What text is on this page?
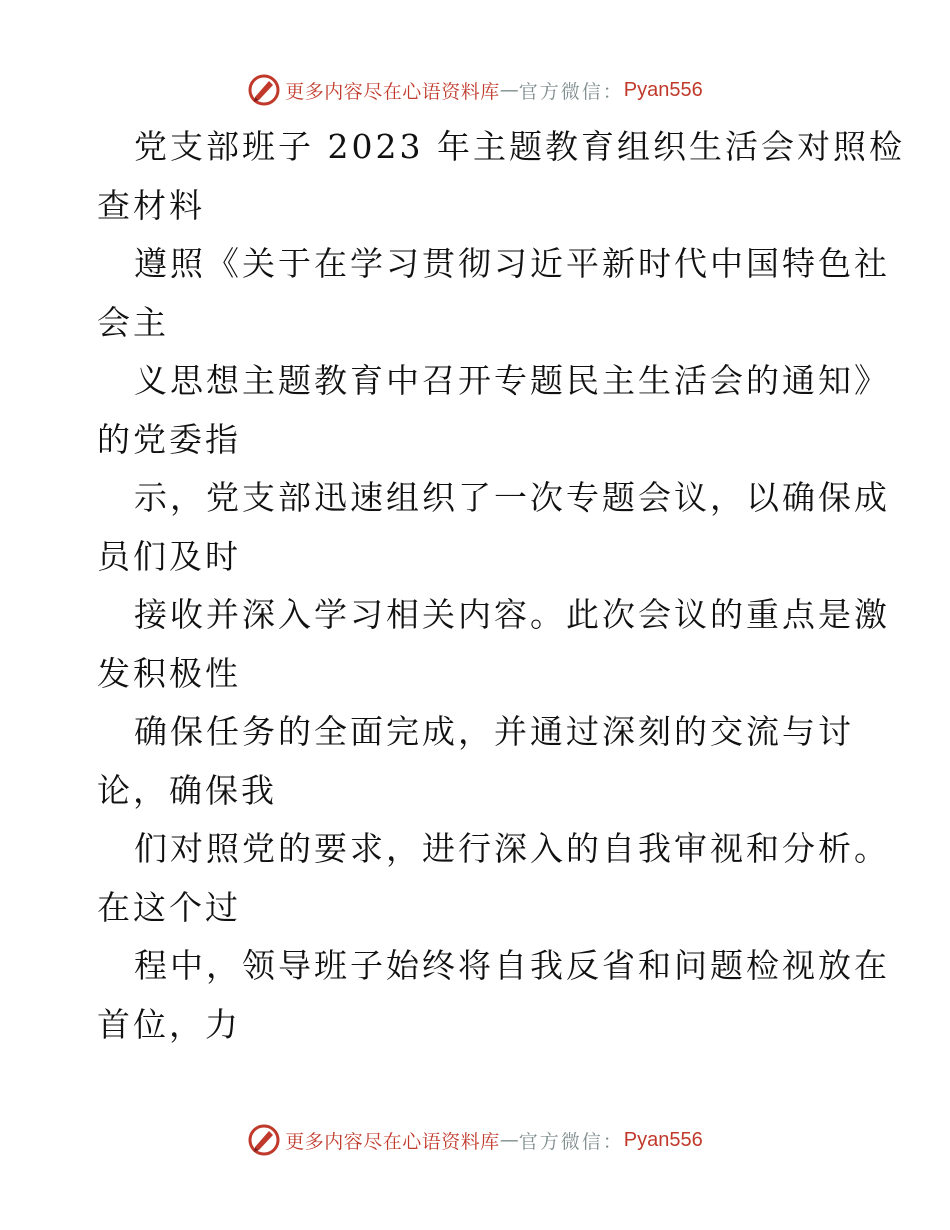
更多内容尽在心语资料库 — 官方微信： Pyan556
党支部班子 2023 年主题教育组织生活会对照检
查材料
遵照《关于在学习贯彻习近平新时代中国特色社
会主
义思想主题教育中召开专题民主生活会的通知》
的党委指
示，党支部迅速组织了一次专题会议，以确保成
员们及时
接收并深入学习相关内容。此次会议的重点是激
发积极性
确保任务的全面完成，并通过深刻的交流与讨
论，确保我
们对照党的要求，进行深入的自我审视和分析。
在这个过
程中，领导班子始终将自我反省和问题检视放在
首位，力
更多内容尽在心语资料库 — 官方微信： Pyan556
